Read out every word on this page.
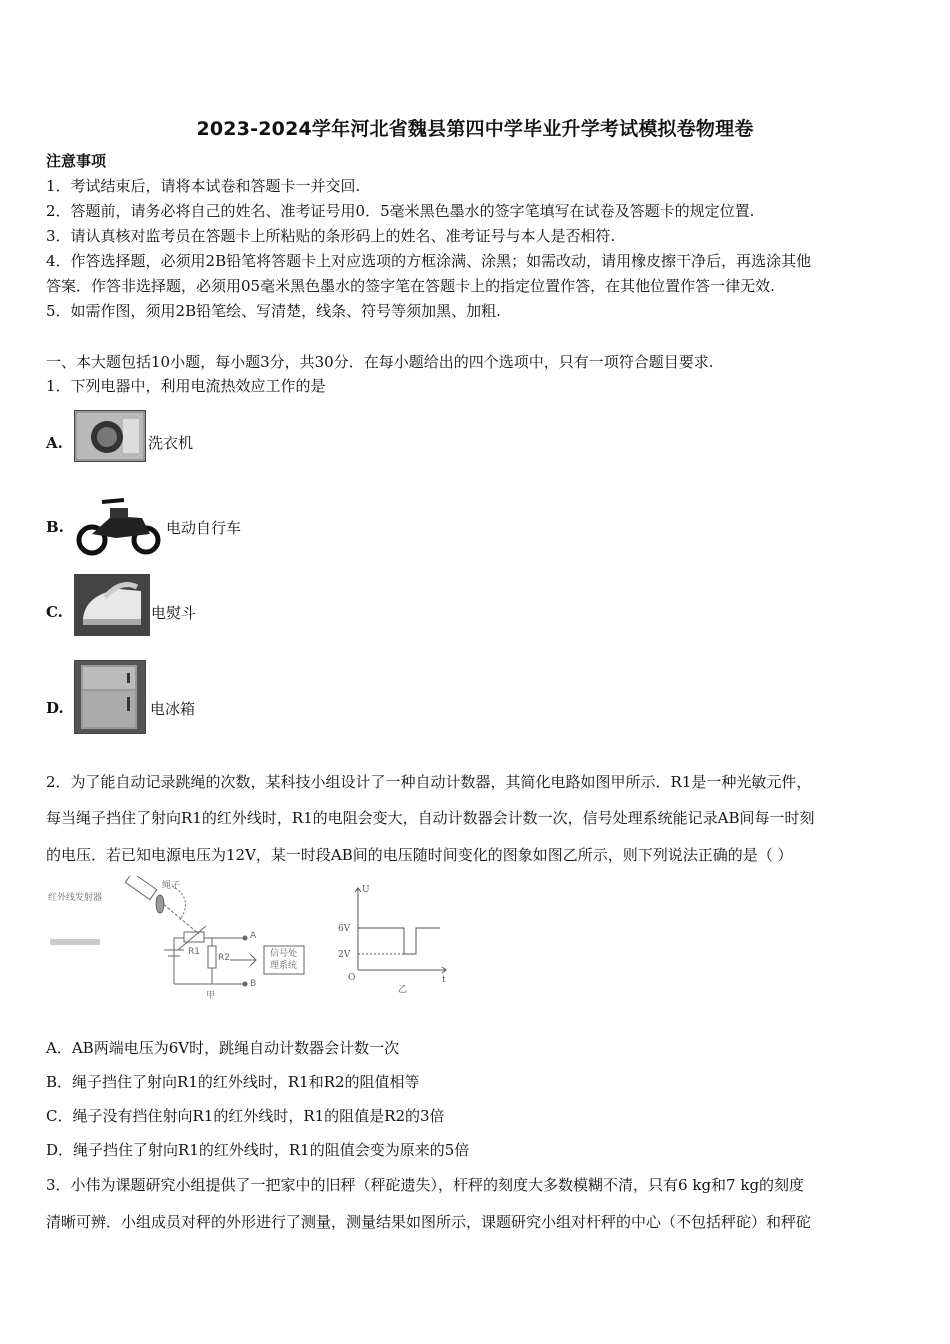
2023-2024学年河北省魏县第四中学毕业升学考试模拟卷物理卷
注意事项
1．考试结束后，请将本试卷和答题卡一并交回.
2．答题前，请务必将自己的姓名、准考证号用0．5毫米黑色墨水的签字笔填写在试卷及答题卡的规定位置.
3．请认真核对监考员在答题卡上所粘贴的条形码上的姓名、准考证号与本人是否相符.
4．作答选择题，必须用2B铅笔将答题卡上对应选项的方框涂满、涂黑；如需改动，请用橡皮擦干净后，再选涂其他
答案．作答非选择题，必须用05毫米黑色墨水的签字笔在答题卡上的指定位置作答，在其他位置作答一律无效.
5．如需作图，须用2B铅笔绘、写清楚，线条、符号等须加黑、加粗.
一、本大题包括10小题，每小题3分，共30分．在每小题给出的四个选项中，只有一项符合题目要求.
1．下列电器中，利用电流热效应工作的是
A.	洗衣机
B.	电动自行车
C.	电熨斗
D.	电冰箱
2．为了能自动记录跳绳的次数，某科技小组设计了一种自动计数器，其简化电路如图甲所示．R1是一种光敏元件，
每当绳子挡住了射向R1的红外线时，R1的电阻会变大，自动计数器会计数一次，信号处理系统能记录AB间每一时刻
的电压．若已知电源电压为12V，某一时段AB间的电压随时间变化的图象如图乙所示，则下列说法正确的是（ ）
红外线发射器
绳子
R1
R2
A
B
信号处
理系统
甲
U
6V
2V
O	t
乙
A．AB两端电压为6V时，跳绳自动计数器会计数一次
B．绳子挡住了射向R1的红外线时，R1和R2的阻值相等
C．绳子没有挡住射向R1的红外线时，R1的阻值是R2的3倍
D．绳子挡住了射向R1的红外线时，R1的阻值会变为原来的5倍
3．小伟为课题研究小组提供了一把家中的旧秤（秤砣遗失），杆秤的刻度大多数模糊不清，只有6 kg和7 kg的刻度
清晰可辨．小组成员对秤的外形进行了测量，测量结果如图所示，课题研究小组对杆秤的中心（不包括秤砣）和秤砣
